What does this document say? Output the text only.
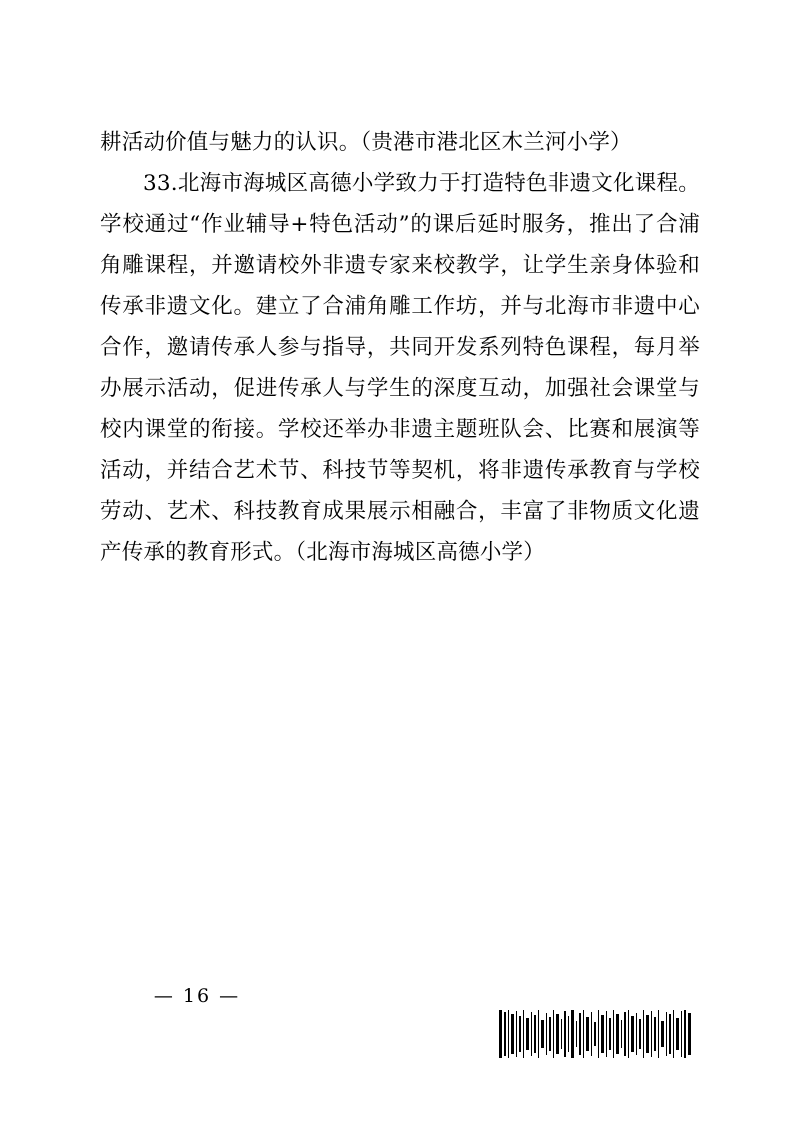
耕活动价值与魅力的认识。（贵港市港北区木兰河小学）

33.北海市海城区高德小学致力于打造特色非遗文化课程。学校通过“作业辅导+特色活动”的课后延时服务，推出了合浦角雕课程，并邀请校外非遗专家来校教学，让学生亲身体验和传承非遗文化。建立了合浦角雕工作坊，并与北海市非遗中心合作，邀请传承人参与指导，共同开发系列特色课程，每月举办展示活动，促进传承人与学生的深度互动，加强社会课堂与校内课堂的衔接。学校还举办非遗主题班队会、比赛和展演等活动，并结合艺术节、科技节等契机，将非遗传承教育与学校劳动、艺术、科技教育成果展示相融合，丰富了非物质文化遗产传承的教育形式。（北海市海城区高德小学）

— 16 —
